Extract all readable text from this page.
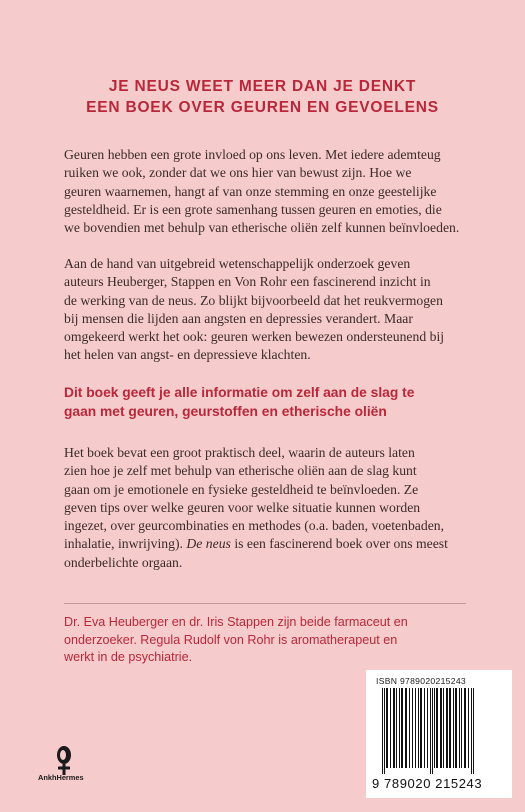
JE NEUS WEET MEER DAN JE DENKT
EEN BOEK OVER GEUREN EN GEVOELENS
Geuren hebben een grote invloed op ons leven. Met iedere ademteug
ruiken we ook, zonder dat we ons hier van bewust zijn. Hoe we
geuren waarnemen, hangt af van onze stemming en onze geestelijke
gesteldheid. Er is een grote samenhang tussen geuren en emoties, die
we bovendien met behulp van etherische oliën zelf kunnen beïnvloeden.
Aan de hand van uitgebreid wetenschappelijk onderzoek geven
auteurs Heuberger, Stappen en Von Rohr een fascinerend inzicht in
de werking van de neus. Zo blijkt bijvoorbeeld dat het reukvermogen
bij mensen die lijden aan angsten en depressies verandert. Maar
omgekeerd werkt het ook: geuren werken bewezen ondersteunend bij
het helen van angst- en depressieve klachten.
Dit boek geeft je alle informatie om zelf aan de slag te
gaan met geuren, geurstoffen en etherische oliën
Het boek bevat een groot praktisch deel, waarin de auteurs laten
zien hoe je zelf met behulp van etherische oliën aan de slag kunt
gaan om je emotionele en fysieke gesteldheid te beïnvloeden. Ze
geven tips over welke geuren voor welke situatie kunnen worden
ingezet, over geurcombinaties en methodes (o.a. baden, voetenbaden,
inhalatie, inwrijving). De neus is een fascinerend boek over ons meest
onderbelichte orgaan.
Dr. Eva Heuberger en dr. Iris Stappen zijn beide farmaceut en
onderzoeker. Regula Rudolf von Rohr is aromatherapeut en
werkt in de psychiatrie.
AnkhHermes
ISBN 9789020215243
9 789020 215243
